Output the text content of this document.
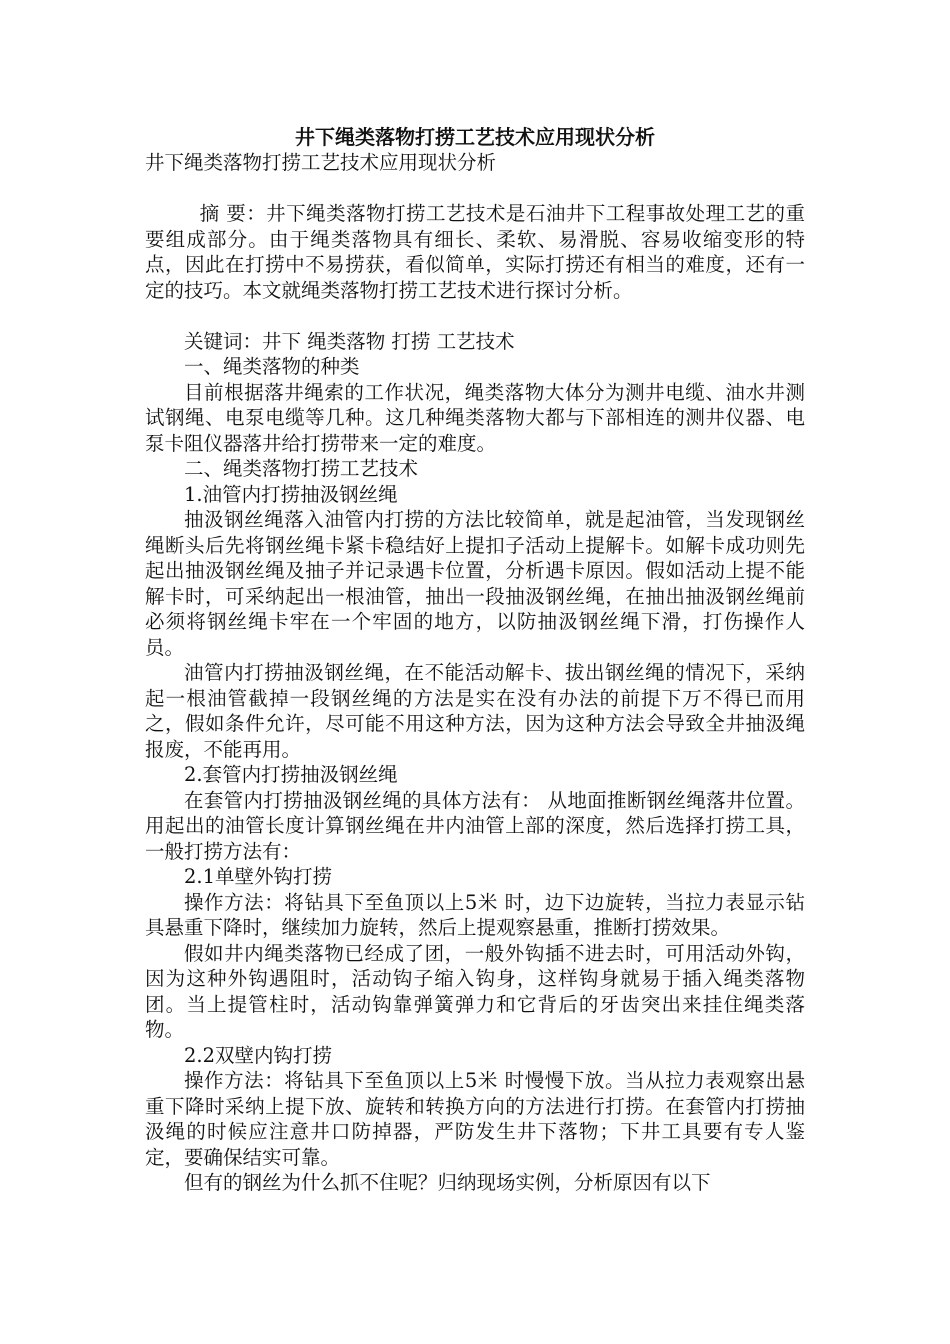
井下绳类落物打捞工艺技术应用现状分析
井下绳类落物打捞工艺技术应用现状分析
摘 要：井下绳类落物打捞工艺技术是石油井下工程事故处理工艺的重要组成部分。由于绳类落物具有细长、柔软、易滑脱、容易收缩变形的特点，因此在打捞中不易捞获，看似简单，实际打捞还有相当的难度，还有一定的技巧。本文就绳类落物打捞工艺技术进行探讨分析。
关键词：井下 绳类落物 打捞 工艺技术
一、绳类落物的种类
目前根据落井绳索的工作状况，绳类落物大体分为测井电缆、油水井测试钢绳、电泵电缆等几种。这几种绳类落物大都与下部相连的测井仪器、电泵卡阻仪器落井给打捞带来一定的难度。
二、绳类落物打捞工艺技术
1.油管内打捞抽汲钢丝绳
抽汲钢丝绳落入油管内打捞的方法比较简单，就是起油管，当发现钢丝绳断头后先将钢丝绳卡紧卡稳结好上提扣子活动上提解卡。如解卡成功则先起出抽汲钢丝绳及抽子并记录遇卡位置，分析遇卡原因。假如活动上提不能解卡时，可采纳起出一根油管，抽出一段抽汲钢丝绳，在抽出抽汲钢丝绳前必须将钢丝绳卡牢在一个牢固的地方，以防抽汲钢丝绳下滑，打伤操作人员。
油管内打捞抽汲钢丝绳，在不能活动解卡、拔出钢丝绳的情况下，采纳起一根油管截掉一段钢丝绳的方法是实在没有办法的前提下万不得已而用之，假如条件允许，尽可能不用这种方法，因为这种方法会导致全井抽汲绳报废，不能再用。
2.套管内打捞抽汲钢丝绳
在套管内打捞抽汲钢丝绳的具体方法有： 从地面推断钢丝绳落井位置。用起出的油管长度计算钢丝绳在井内油管上部的深度，然后选择打捞工具，一般打捞方法有：
2.1单壁外钩打捞
操作方法：将钻具下至鱼顶以上5米 时，边下边旋转，当拉力表显示钻具悬重下降时，继续加力旋转，然后上提观察悬重，推断打捞效果。
假如井内绳类落物已经成了团，一般外钩插不进去时，可用活动外钩，因为这种外钩遇阻时，活动钩子缩入钩身，这样钩身就易于插入绳类落物团。当上提管柱时，活动钩靠弹簧弹力和它背后的牙齿突出来挂住绳类落物。
2.2双壁内钩打捞
操作方法：将钻具下至鱼顶以上5米 时慢慢下放。当从拉力表观察出悬重下降时采纳上提下放、旋转和转换方向的方法进行打捞。在套管内打捞抽汲绳的时候应注意井口防掉器，严防发生井下落物；下井工具要有专人鉴定，要确保结实可靠。
但有的钢丝为什么抓不住呢？归纳现场实例，分析原因有以下
